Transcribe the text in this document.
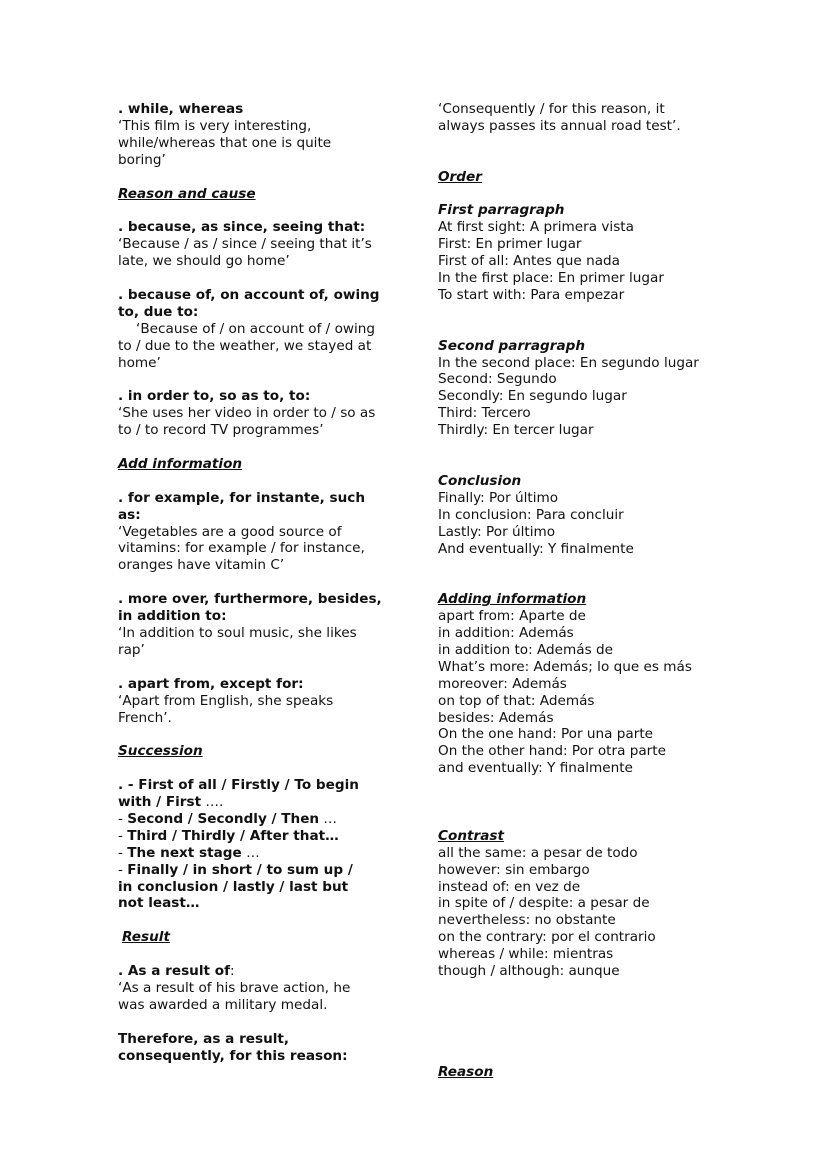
. while, whereas
‘This film is very interesting,
while/whereas that one is quite
boring’
Reason and cause
. because, as since, seeing that:
‘Because / as / since / seeing that it’s
late, we should go home’
. because of, on account of, owing
to, due to:
‘Because of / on account of / owing
to / due to the weather, we stayed at
home’
. in order to, so as to, to:
‘She uses her video in order to / so as
to / to record TV programmes’
Add information
. for example, for instante, such
as:
‘Vegetables are a good source of
vitamins: for example / for instance,
oranges have vitamin C’
. more over, furthermore, besides,
in addition to:
‘In addition to soul music, she likes
rap’
. apart from, except for:
‘Apart from English, she speaks
French’.
Succession
. - First of all / Firstly / To begin
with / First ….
- Second / Secondly / Then …
- Third / Thirdly / After that…
- The next stage …
- Finally / in short / to sum up /
in conclusion / lastly / last but
not least…
Result
. As a result of:
‘As a result of his brave action, he
was awarded a military medal.
Therefore, as a result,
consequently, for this reason:
‘Consequently / for this reason, it
always passes its annual road test’.
Order
First parragraph
At first sight: A primera vista
First: En primer lugar
First of all: Antes que nada
In the first place: En primer lugar
To start with: Para empezar
Second parragraph
In the second place: En segundo lugar
Second: Segundo
Secondly: En segundo lugar
Third: Tercero
Thirdly: En tercer lugar
Conclusion
Finally: Por último
In conclusion: Para concluir
Lastly: Por último
And eventually: Y finalmente
Adding information
apart from: Aparte de
in addition: Además
in addition to: Además de
What’s more: Además; lo que es más
moreover: Además
on top of that: Además
besides: Además
On the one hand: Por una parte
On the other hand: Por otra parte
and eventually: Y finalmente
Contrast
all the same: a pesar de todo
however: sin embargo
instead of: en vez de
in spite of / despite: a pesar de
nevertheless: no obstante
on the contrary: por el contrario
whereas / while: mientras
though / although: aunque
Reason
